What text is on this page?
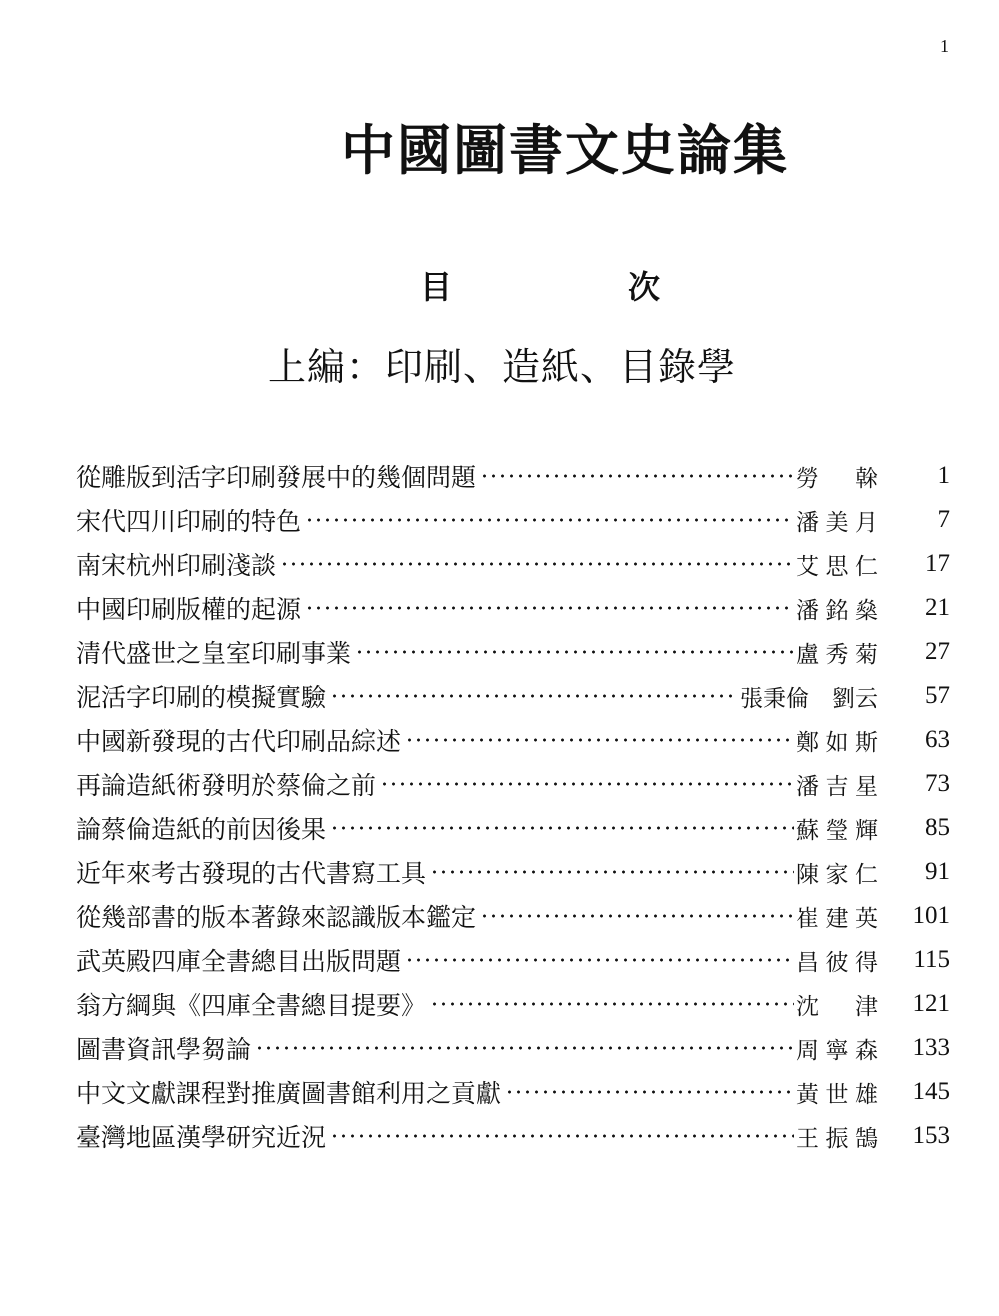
1
中國圖書文史論集
目	次
上編：印刷、造紙、目錄學
從雕版到活字印刷發展中的幾個問題	勞　榦	1
宋代四川印刷的特色	潘美月	7
南宋杭州印刷淺談	艾思仁	17
中國印刷版權的起源	潘銘燊	21
清代盛世之皇室印刷事業	盧秀菊	27
泥活字印刷的模擬實驗	張秉倫　劉云	57
中國新發現的古代印刷品綜述	鄭如斯	63
再論造紙術發明於蔡倫之前	潘吉星	73
論蔡倫造紙的前因後果	蘇瑩輝	85
近年來考古發現的古代書寫工具	陳家仁	91
從幾部書的版本著錄來認識版本鑑定	崔建英	101
武英殿四庫全書總目出版問題	昌彼得	115
翁方綱與《四庫全書總目提要》	沈　津	121
圖書資訊學芻論	周寧森	133
中文文獻課程對推廣圖書館利用之貢獻	黃世雄	145
臺灣地區漢學研究近況	王振鵠	153
